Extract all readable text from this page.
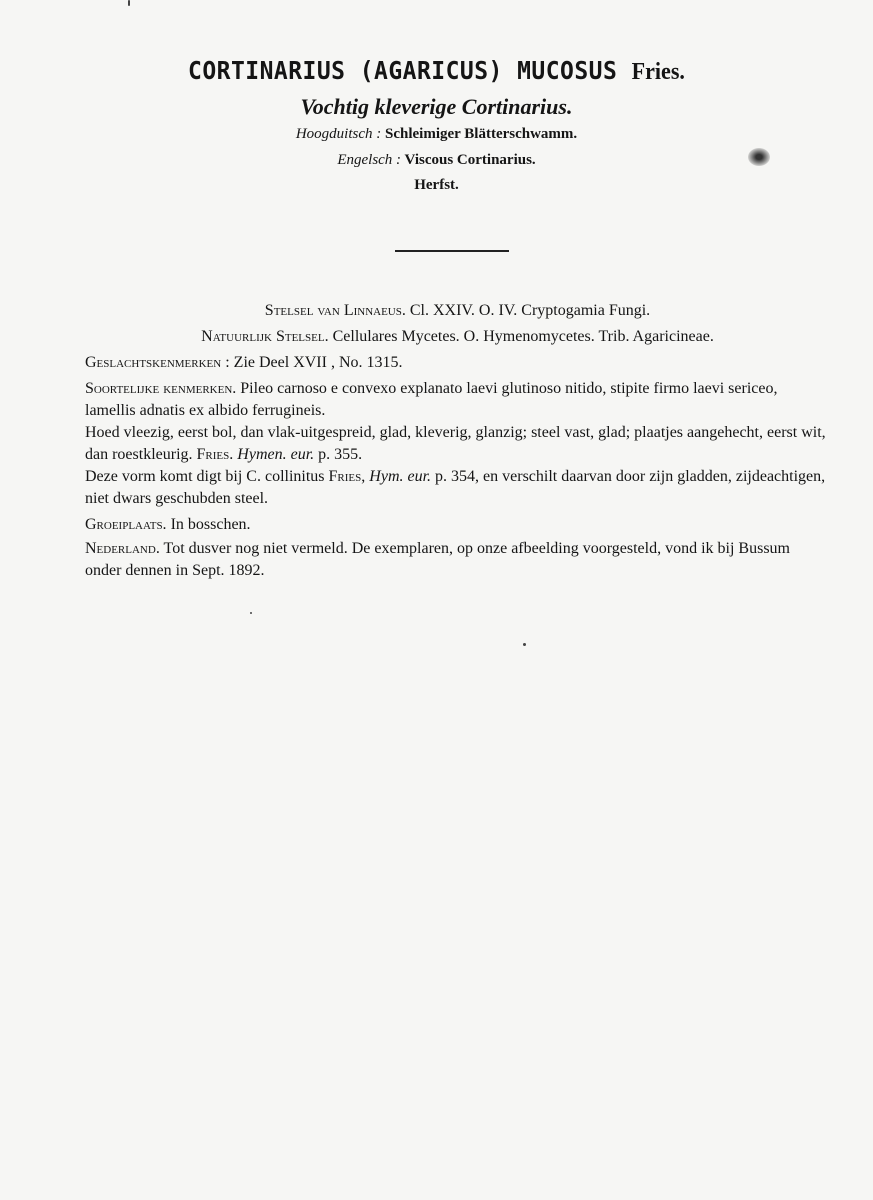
CORTINARIUS (AGARICUS) MUCOSUS Fries.
Vochtig kleverige Cortinarius.
Hoogduitsch : Schleimiger Blätterschwamm.
Engelsch : Viscous Cortinarius.
Herfst.
Stelsel van Linnaeus. Cl. XXIV. O. IV. Cryptogamia Fungi.
Natuurlijk Stelsel. Cellulares Mycetes. O. Hymenomycetes. Trib. Agaricineae.
Geslachtskenmerken : Zie Deel XVII , No. 1315.
Soortelijke kenmerken. Pileo carnoso e convexo explanato laevi glutinoso nitido, stipite firmo laevi sericeo, lamellis adnatis ex albido ferrugineis.
Hoed vleezig, eerst bol, dan vlak-uitgespreid, glad, kleverig, glanzig; steel vast, glad; plaatjes aangehecht, eerst wit, dan roestkleurig. Fries. Hymen. eur. p. 355.
Deze vorm komt digt bij C. collinitus Fries, Hym. eur. p. 354, en verschilt daarvan door zijn gladden, zijdeachtigen, niet dwars geschubden steel.
Groeiplaats. In bosschen.
Nederland. Tot dusver nog niet vermeld. De exemplaren, op onze afbeelding voorgesteld, vond ik bij Bussum onder dennen in Sept. 1892.
